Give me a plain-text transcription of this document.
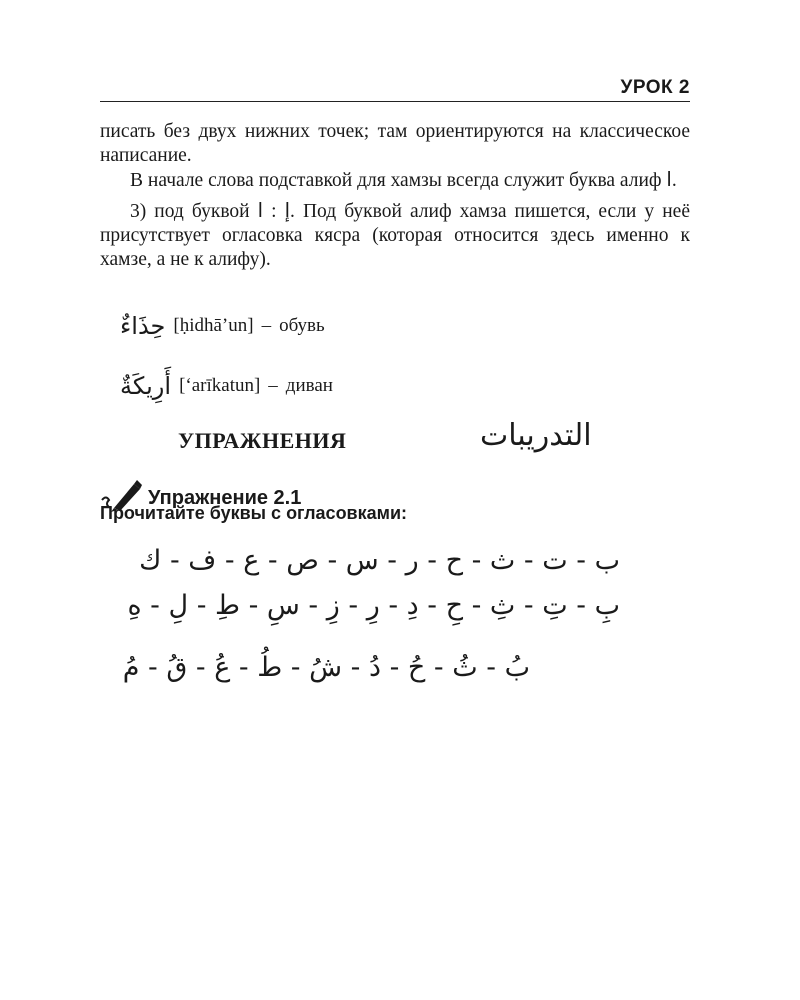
УРОК 2

писать без двух нижних точек; там ориентируются на классическое написание.

В начале слова подставкой для хамзы всегда служит буква алиф ا.

3) под буквой إ : ا . Под буквой алиф хамза пишется, если у неё присутствует огласовка кясра (которая относится здесь именно к хамзе, а не к алифу).

حِذَاءٌ [ḥidhā’un] – обувь
أَرِيكَةٌ [‘arīkatun] – диван
УПРАЖНЕНИЯ	التدريبات
Упражнение 2.1
Прочитайте буквы с огласовками:
ب - ت - ث - ح - ر - س - ص - ع - ف - ك
بِ - تِ - ثِ - حِ - دِ - رِ - زِ - سِ - طِ - لِ - هِ
بُ - ثُ - حُ - دُ - شُ - طُ - عُ - قُ - مُ
